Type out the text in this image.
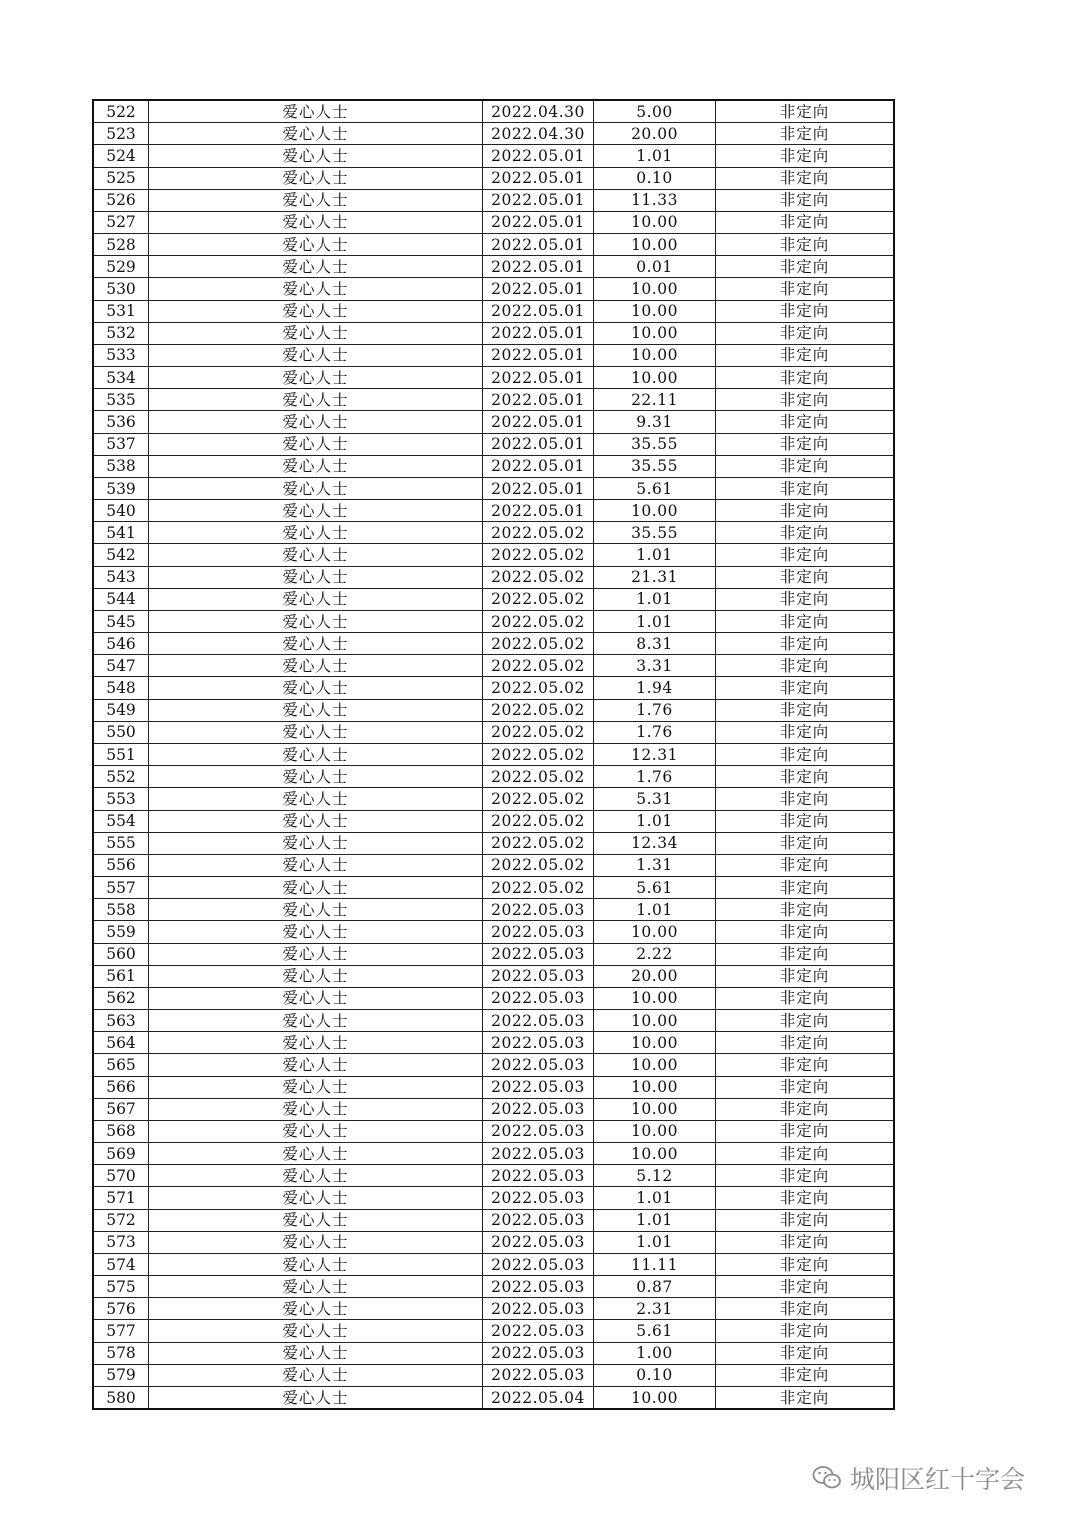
522	爱心人士	2022.04.30	5.00	非定向
523	爱心人士	2022.04.30	20.00	非定向
524	爱心人士	2022.05.01	1.01	非定向
525	爱心人士	2022.05.01	0.10	非定向
526	爱心人士	2022.05.01	11.33	非定向
527	爱心人士	2022.05.01	10.00	非定向
528	爱心人士	2022.05.01	10.00	非定向
529	爱心人士	2022.05.01	0.01	非定向
530	爱心人士	2022.05.01	10.00	非定向
531	爱心人士	2022.05.01	10.00	非定向
532	爱心人士	2022.05.01	10.00	非定向
533	爱心人士	2022.05.01	10.00	非定向
534	爱心人士	2022.05.01	10.00	非定向
535	爱心人士	2022.05.01	22.11	非定向
536	爱心人士	2022.05.01	9.31	非定向
537	爱心人士	2022.05.01	35.55	非定向
538	爱心人士	2022.05.01	35.55	非定向
539	爱心人士	2022.05.01	5.61	非定向
540	爱心人士	2022.05.01	10.00	非定向
541	爱心人士	2022.05.02	35.55	非定向
542	爱心人士	2022.05.02	1.01	非定向
543	爱心人士	2022.05.02	21.31	非定向
544	爱心人士	2022.05.02	1.01	非定向
545	爱心人士	2022.05.02	1.01	非定向
546	爱心人士	2022.05.02	8.31	非定向
547	爱心人士	2022.05.02	3.31	非定向
548	爱心人士	2022.05.02	1.94	非定向
549	爱心人士	2022.05.02	1.76	非定向
550	爱心人士	2022.05.02	1.76	非定向
551	爱心人士	2022.05.02	12.31	非定向
552	爱心人士	2022.05.02	1.76	非定向
553	爱心人士	2022.05.02	5.31	非定向
554	爱心人士	2022.05.02	1.01	非定向
555	爱心人士	2022.05.02	12.34	非定向
556	爱心人士	2022.05.02	1.31	非定向
557	爱心人士	2022.05.02	5.61	非定向
558	爱心人士	2022.05.03	1.01	非定向
559	爱心人士	2022.05.03	10.00	非定向
560	爱心人士	2022.05.03	2.22	非定向
561	爱心人士	2022.05.03	20.00	非定向
562	爱心人士	2022.05.03	10.00	非定向
563	爱心人士	2022.05.03	10.00	非定向
564	爱心人士	2022.05.03	10.00	非定向
565	爱心人士	2022.05.03	10.00	非定向
566	爱心人士	2022.05.03	10.00	非定向
567	爱心人士	2022.05.03	10.00	非定向
568	爱心人士	2022.05.03	10.00	非定向
569	爱心人士	2022.05.03	10.00	非定向
570	爱心人士	2022.05.03	5.12	非定向
571	爱心人士	2022.05.03	1.01	非定向
572	爱心人士	2022.05.03	1.01	非定向
573	爱心人士	2022.05.03	1.01	非定向
574	爱心人士	2022.05.03	11.11	非定向
575	爱心人士	2022.05.03	0.87	非定向
576	爱心人士	2022.05.03	2.31	非定向
577	爱心人士	2022.05.03	5.61	非定向
578	爱心人士	2022.05.03	1.00	非定向
579	爱心人士	2022.05.03	0.10	非定向
580	爱心人士	2022.05.04	10.00	非定向
城阳区红十字会
